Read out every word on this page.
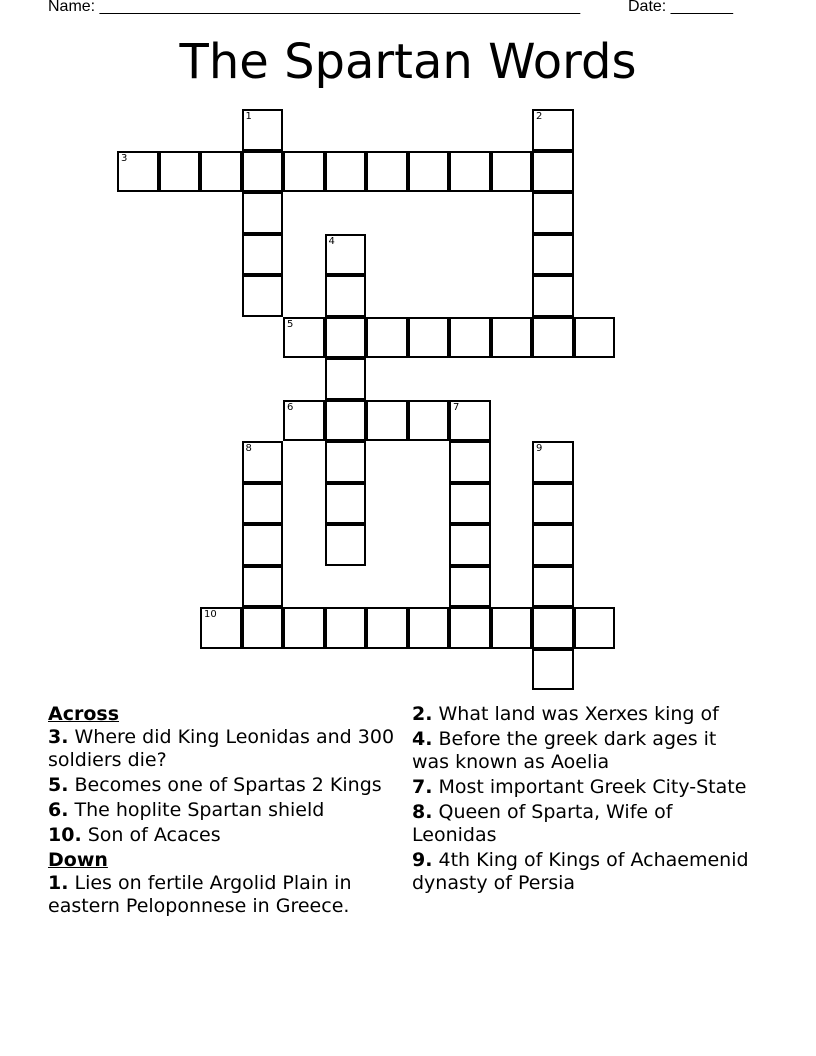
Name: ______________________________________________________	Date: _______
The Spartan Words
3
1	2
4
5
6	7
8	9
10
Across
3. Where did King Leonidas and 300 soldiers die?
5. Becomes one of Spartas 2 Kings
6. The hoplite Spartan shield
10. Son of Acaces
Down
1. Lies on fertile Argolid Plain in eastern Peloponnese in Greece.
2. What land was Xerxes king of
4. Before the greek dark ages it was known as Aoelia
7. Most important Greek City-State
8. Queen of Sparta, Wife of Leonidas
9. 4th King of Kings of Achaemenid dynasty of Persia
